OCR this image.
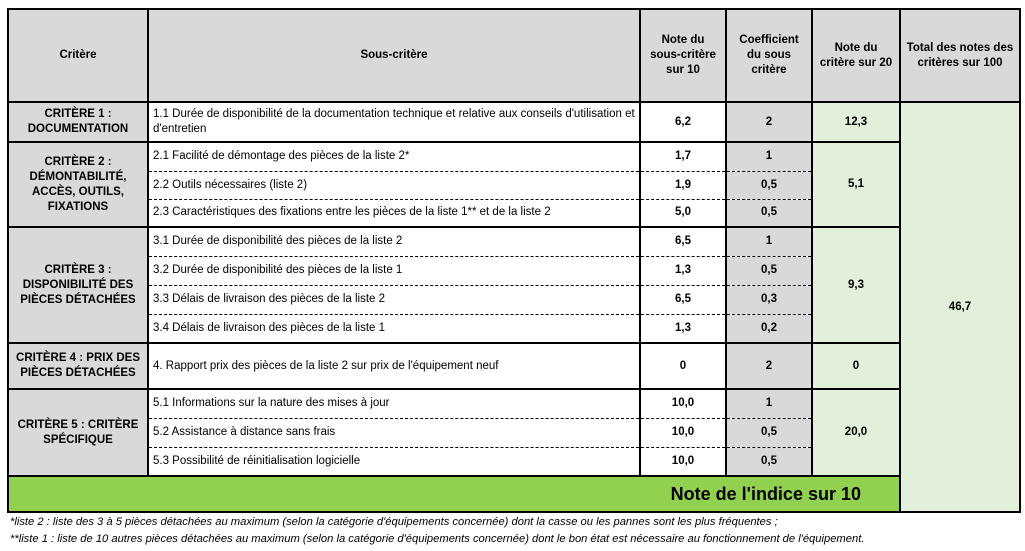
Critère	Sous-critère	Note du sous-critère sur 10	Coefficient du sous critère	Note du critère sur 20	Total des notes des critères sur 100	
CRITÈRE 1 : DOCUMENTATION	1.1 Durée de disponibilité de la documentation technique et relative aux conseils d'utilisation et d'entretien	6,2	2	12,3	46,7	
CRITÈRE 2 : DÉMONTABILITÉ, ACCÈS, OUTILS, FIXATIONS	2.1 Facilité de démontage des pièces de la liste 2*	1,7	1	5,1		
	2.2 Outils nécessaires (liste 2)	1,9	0,5			
	2.3 Caractéristiques des fixations entre les pièces de la liste 1** et de la liste 2	5,0	0,5			
CRITÈRE 3 : DISPONIBILITÉ DES PIÈCES DÉTACHÉES	3.1 Durée de disponibilité des pièces de la liste 2	6,5	1	9,3		
	3.2 Durée de disponibilité des pièces de la liste 1	1,3	0,5			
	3.3 Délais de livraison des pièces de la liste 2	6,5	0,3			
	3.4 Délais de livraison des pièces de la liste 1	1,3	0,2			
CRITÈRE 4 : PRIX DES PIÈCES DÉTACHÉES	4. Rapport prix des pièces de la liste 2 sur prix de l'équipement neuf	0	2	0		
CRITÈRE 5 : CRITÈRE SPÉCIFIQUE	5.1 Informations sur la nature des mises à jour	10,0	1	20,0		
	5.2 Assistance à distance sans frais	10,0	0,5			
	5.3 Possibilité de réinitialisation logicielle	10,0	0,5			
Note de l'indice sur 10	
*liste 2 : liste des 3 à 5 pièces détachées au maximum (selon la catégorie d'équipements concernée) dont la casse ou les pannes sont les plus fréquentes ;
**liste 1 : liste de 10 autres pièces détachées au maximum (selon la catégorie d'équipements concernée) dont le bon état est nécessaire au fonctionnement de l'équipement.
